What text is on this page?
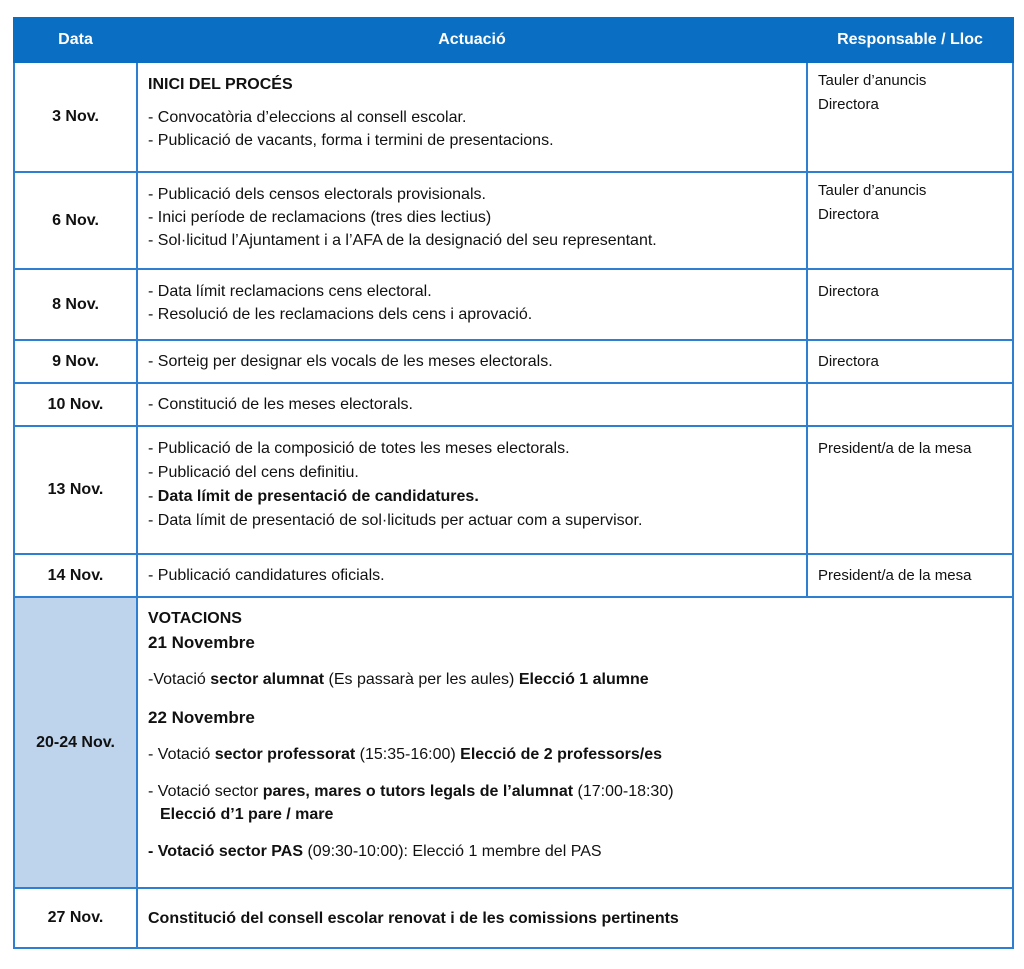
Data	Actuació	Responsable / Lloc
3 Nov.	INICI DEL PROCÉS
- Convocatòria d’eleccions al consell escolar.
- Publicació de vacants, forma i termini de presentacions.	Tauler d’anuncis
Directora

6 Nov.	- Publicació dels censos electorals provisionals.
- Inici període de reclamacions (tres dies lectius)
- Sol·licitud l’Ajuntament i a l’AFA de la designació del seu representant.	Tauler d’anuncis
Directora

8 Nov.	- Data límit reclamacions cens electoral.
- Resolució de les reclamacions dels cens i aprovació.	Directora

9 Nov.	- Sorteig per designar els vocals de les meses electorals.	Directora

10 Nov.	- Constitució de les meses electorals.	

13 Nov.	- Publicació de la composició de totes les meses electorals.
- Publicació del cens definitiu.
- Data límit de presentació de candidatures.
- Data límit de presentació de sol·licituds per actuar com a supervisor.	President/a de la mesa

14 Nov.	- Publicació candidatures oficials.	President/a de la mesa

20-24 Nov.	
VOTACIONS
21 Novembre
-Votació sector alumnat (Es passarà per les aules) Elecció 1 alumne
22 Novembre
- Votació sector professorat (15:35-16:00) Elecció de 2 professors/es
- Votació sector pares, mares o tutors legals de l’alumnat (17:00-18:30)
Elecció d’1 pare / mare
- Votació sector PAS (09:30-10:00): Elecció 1 membre del PAS

27 Nov.	Constitució del consell escolar renovat i de les comissions pertinents	
